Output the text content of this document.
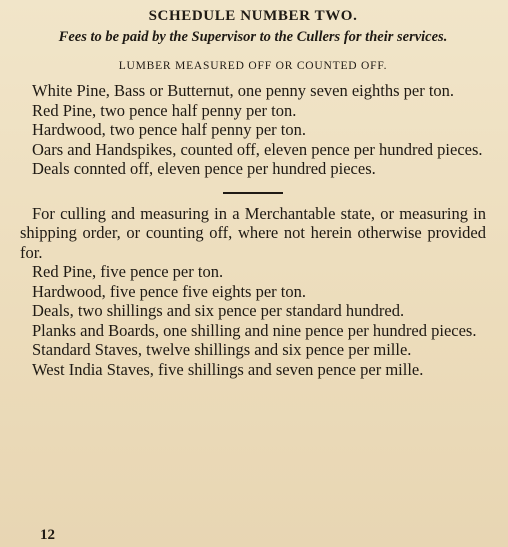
SCHEDULE NUMBER TWO.
Fees to be paid by the Supervisor to the Cullers for their services.
LUMBER MEASURED OFF OR COUNTED OFF.

White Pine, Bass or Butternut, one penny seven eighths per ton.

Red Pine, two pence half penny per ton.

Hardwood, two pence half penny per ton.

Oars and Handspikes, counted off, eleven pence per hundred pieces.

Deals connted off, eleven pence per hundred pieces.

For culling and measuring in a Merchantable state, or measuring in shipping order, or counting off, where not herein otherwise provided for.

Red Pine, five pence per ton.

Hardwood, five pence five eights per ton.

Deals, two shillings and six pence per standard hundred.

Planks and Boards, one shilling and nine pence per hundred pieces.

Standard Staves, twelve shillings and six pence per mille.

West India Staves, five shillings and seven pence per mille.

12
